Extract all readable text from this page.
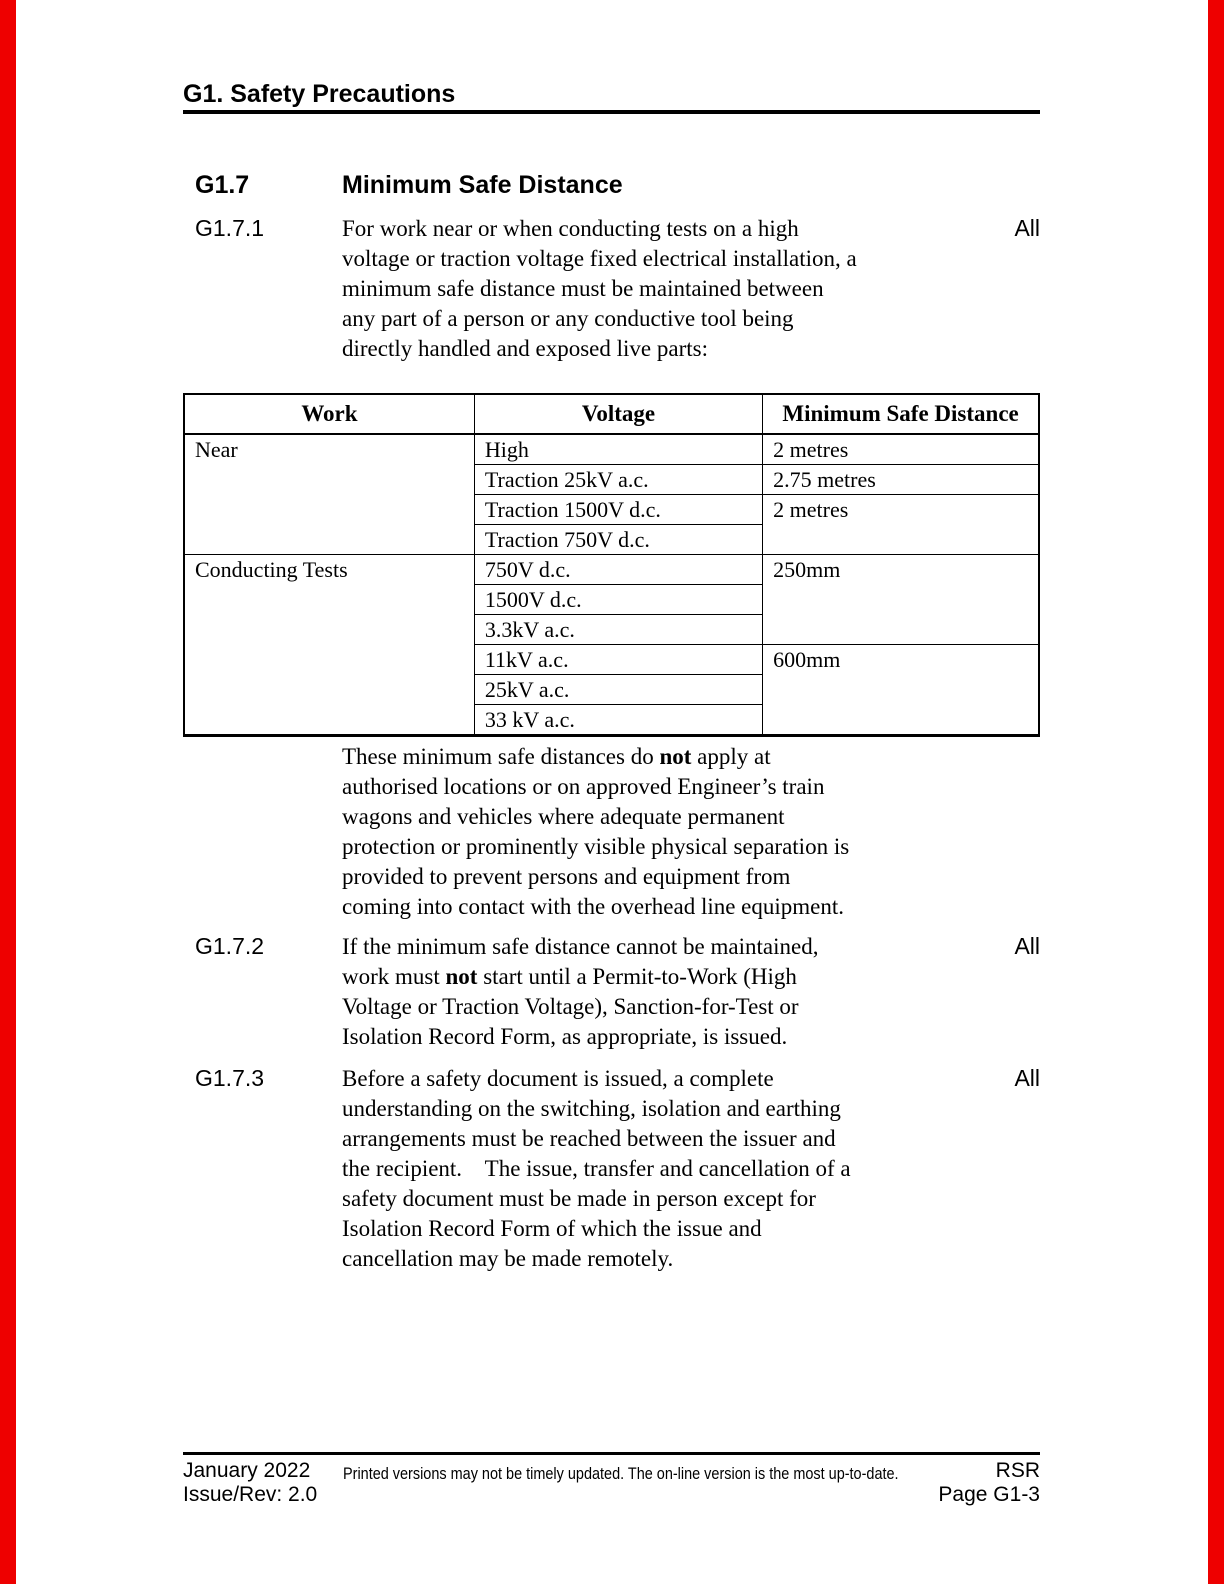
G1. Safety Precautions
G1.7	Minimum Safe Distance
G1.7.1	All
For work near or when conducting tests on a high
voltage or traction voltage fixed electrical installation, a
minimum safe distance must be maintained between
any part of a person or any conductive tool being
directly handled and exposed live parts:
Work	Voltage	Minimum Safe Distance
Near	High	2 metres
	Traction 25kV a.c.	2.75 metres
	Traction 1500V d.c.	2 metres
	Traction 750V d.c.	
Conducting Tests	750V d.c.	250mm
	1500V d.c.	
	3.3kV a.c.	
	11kV a.c.	600mm
	25kV a.c.	
	33 kV a.c.	
These minimum safe distances do not apply at
authorised locations or on approved Engineer’s train
wagons and vehicles where adequate permanent
protection or prominently visible physical separation is
provided to prevent persons and equipment from
coming into contact with the overhead line equipment.
G1.7.2	All
If the minimum safe distance cannot be maintained,
work must not start until a Permit-to-Work (High
Voltage or Traction Voltage), Sanction-for-Test or
Isolation Record Form, as appropriate, is issued.
G1.7.3	All
Before a safety document is issued, a complete
understanding on the switching, isolation and earthing
arrangements must be reached between the issuer and
the recipient.    The issue, transfer and cancellation of a
safety document must be made in person except for
Isolation Record Form of which the issue and
cancellation may be made remotely.
January 2022
Issue/Rev: 2.0
Printed versions may not be timely updated. The on-line version is the most up-to-date.	RSR
Page G1-3
